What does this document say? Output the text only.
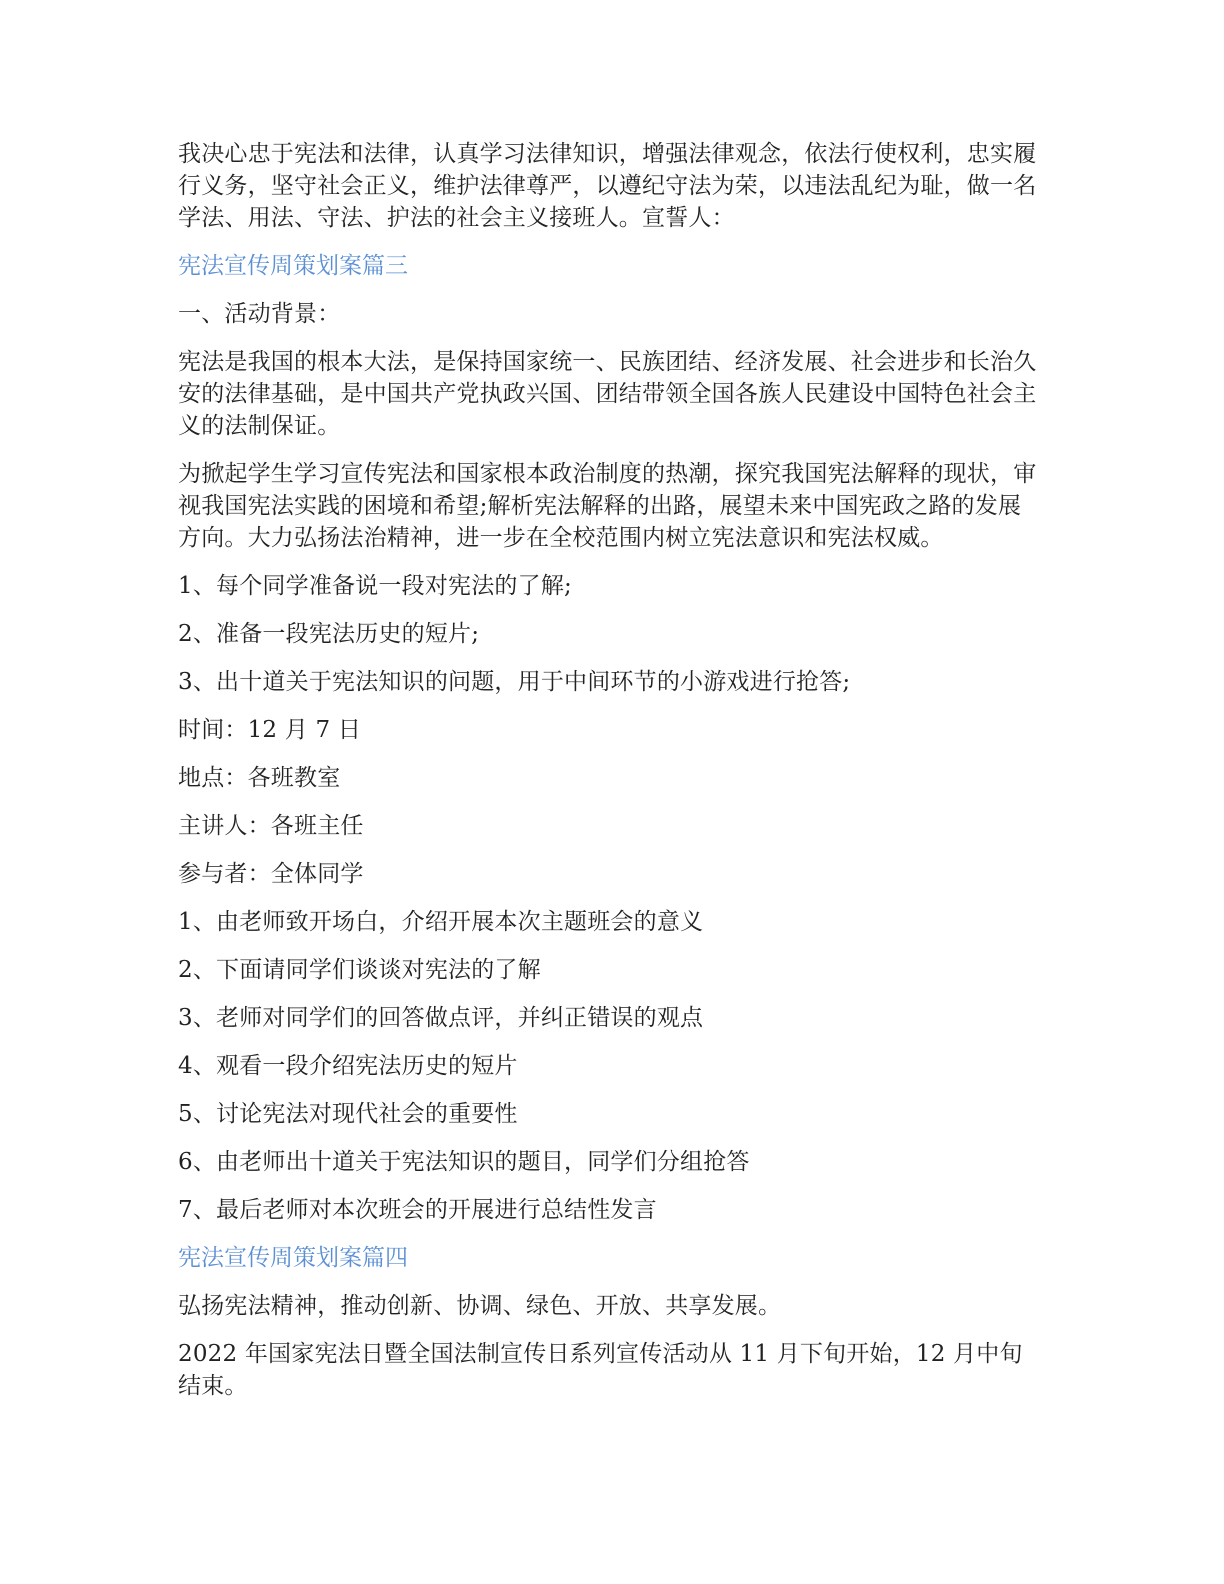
我决心忠于宪法和法律，认真学习法律知识，增强法律观念，依法行使权利，忠实履行义务，坚守社会正义，维护法律尊严，以遵纪守法为荣，以违法乱纪为耻，做一名学法、用法、守法、护法的社会主义接班人。宣誓人：

宪法宣传周策划案篇三

一、活动背景：

宪法是我国的根本大法，是保持国家统一、民族团结、经济发展、社会进步和长治久安的法律基础，是中国共产党执政兴国、团结带领全国各族人民建设中国特色社会主义的法制保证。

为掀起学生学习宣传宪法和国家根本政治制度的热潮，探究我国宪法解释的现状，审视我国宪法实践的困境和希望;解析宪法解释的出路，展望未来中国宪政之路的发展方向。大力弘扬法治精神，进一步在全校范围内树立宪法意识和宪法权威。

1、每个同学准备说一段对宪法的了解;

2、准备一段宪法历史的短片;

3、出十道关于宪法知识的问题，用于中间环节的小游戏进行抢答;

时间：12 月 7 日

地点：各班教室

主讲人：各班主任

参与者：全体同学

1、由老师致开场白，介绍开展本次主题班会的意义

2、下面请同学们谈谈对宪法的了解

3、老师对同学们的回答做点评，并纠正错误的观点

4、观看一段介绍宪法历史的短片

5、讨论宪法对现代社会的重要性

6、由老师出十道关于宪法知识的题目，同学们分组抢答

7、最后老师对本次班会的开展进行总结性发言

宪法宣传周策划案篇四

弘扬宪法精神，推动创新、协调、绿色、开放、共享发展。

2022 年国家宪法日暨全国法制宣传日系列宣传活动从 11 月下旬开始，12 月中旬结束。
